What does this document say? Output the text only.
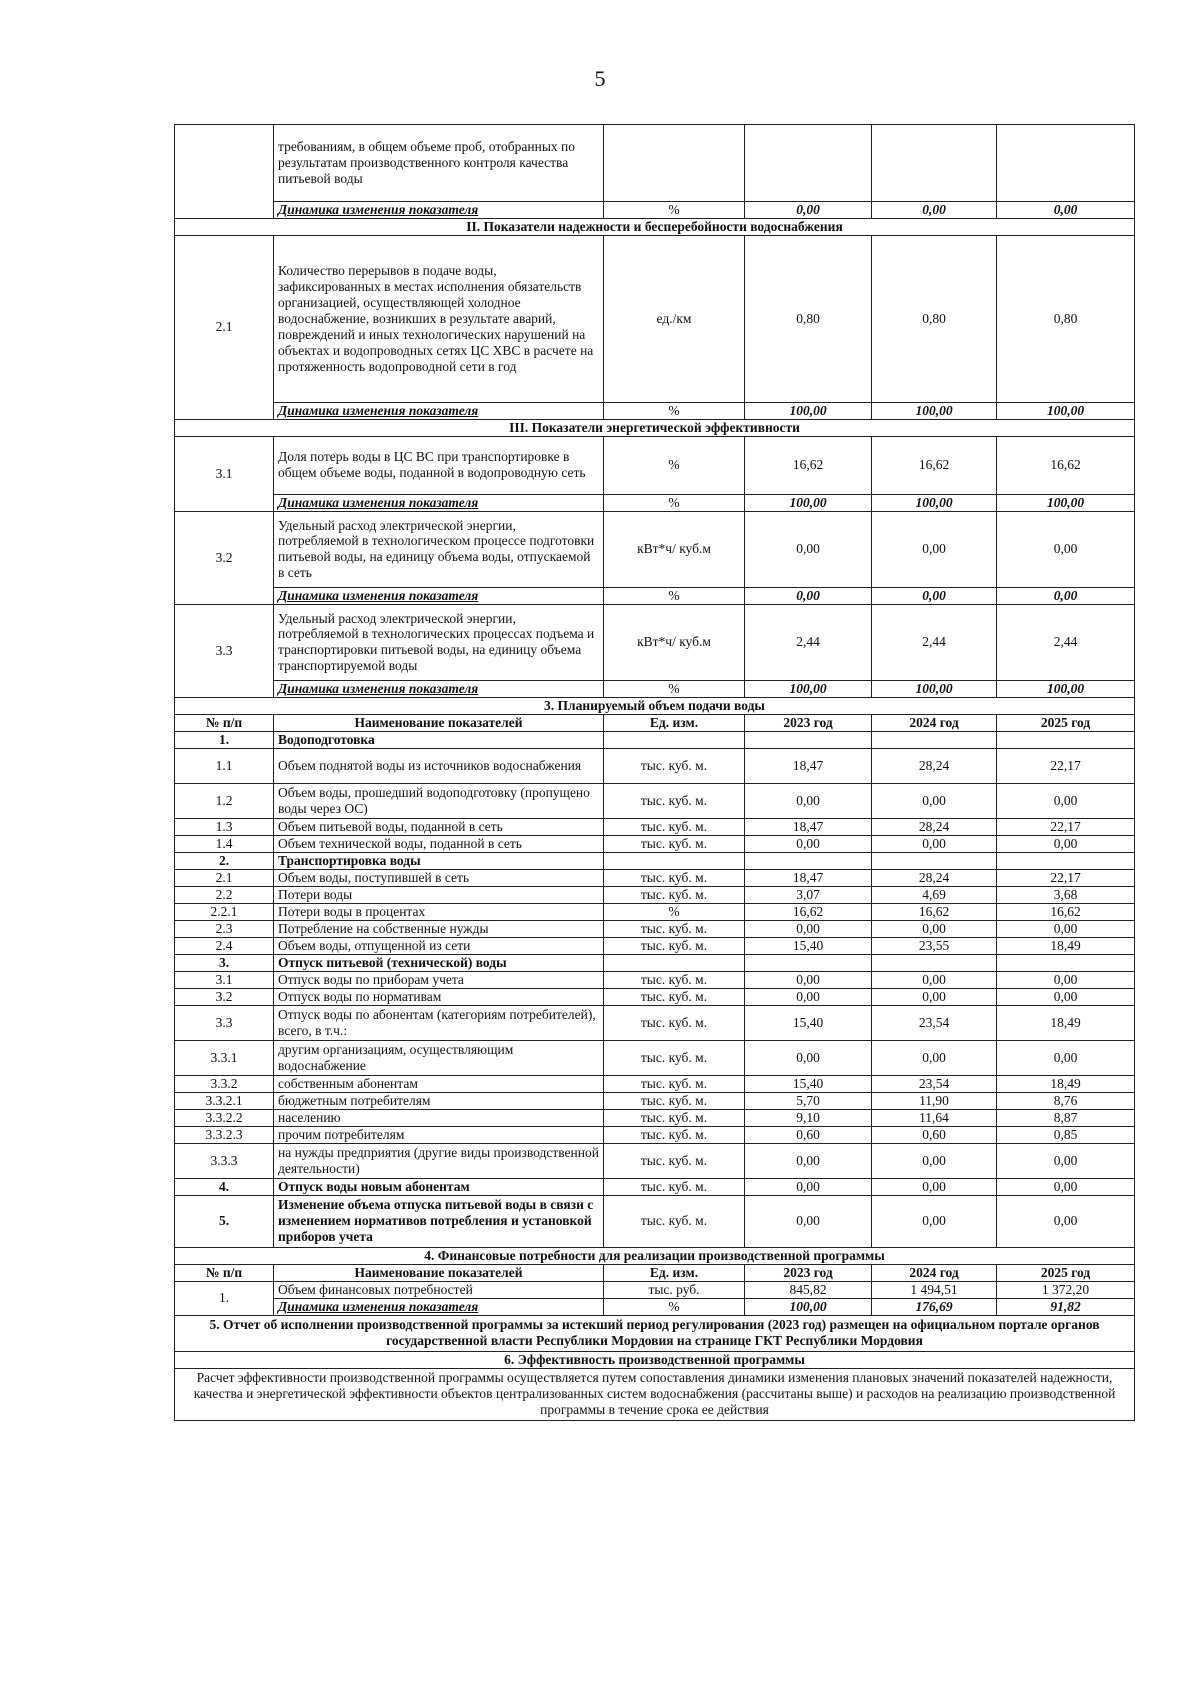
5
	требованиям, в общем объеме проб, отобранных по результатам производственного контроля качества питьевой воды				
	Динамика изменения показателя	%	0,00	0,00	0,00
II. Показатели надежности и бесперебойности водоснабжения					
2.1	Количество перерывов в подаче воды, зафиксированных в местах исполнения обязательств организацией, осуществляющей холодное водоснабжение, возникших в результате аварий, повреждений и иных технологических нарушений на объектах и водопроводных сетях ЦС ХВС в расчете на протяженность водопроводной сети в год	ед./км	0,80	0,80	0,80
	Динамика изменения показателя	%	100,00	100,00	100,00
III. Показатели энергетической эффективности					
3.1	Доля потерь воды в ЦС ВС при транспортировке в общем объеме воды, поданной в водопроводную сеть	%	16,62	16,62	16,62
	Динамика изменения показателя	%	100,00	100,00	100,00
3.2	Удельный расход электрической энергии, потребляемой в технологическом процессе подготовки питьевой воды, на единицу объема воды, отпускаемой в сеть	кВт*ч/ куб.м	0,00	0,00	0,00
	Динамика изменения показателя	%	0,00	0,00	0,00
3.3	Удельный расход электрической энергии, потребляемой в технологических процессах подъема и транспортировки питьевой воды, на единицу объема транспортируемой воды	кВт*ч/ куб.м	2,44	2,44	2,44
	Динамика изменения показателя	%	100,00	100,00	100,00
3. Планируемый объем подачи воды					
№ п/п	Наименование показателей	Ед. изм.	2023 год	2024 год	2025 год
1.	Водоподготовка				
1.1	Объем поднятой воды из источников водоснабжения	тыс. куб. м.	18,47	28,24	22,17
1.2	Объем воды, прошедший водоподготовку (пропущено воды через ОС)	тыс. куб. м.	0,00	0,00	0,00
1.3	Объем питьевой воды, поданной в сеть	тыс. куб. м.	18,47	28,24	22,17
1.4	Объем технической воды, поданной в сеть	тыс. куб. м.	0,00	0,00	0,00
2.	Транспортировка воды				
2.1	Объем воды, поступившей в сеть	тыс. куб. м.	18,47	28,24	22,17
2.2	Потери воды	тыс. куб. м.	3,07	4,69	3,68
2.2.1	Потери воды в процентах	%	16,62	16,62	16,62
2.3	Потребление на собственные нужды	тыс. куб. м.	0,00	0,00	0,00
2.4	Объем воды, отпущенной из сети	тыс. куб. м.	15,40	23,55	18,49
3.	Отпуск питьевой (технической) воды				
3.1	Отпуск воды по приборам учета	тыс. куб. м.	0,00	0,00	0,00
3.2	Отпуск воды по нормативам	тыс. куб. м.	0,00	0,00	0,00
3.3	Отпуск воды по абонентам (категориям потребителей), всего, в т.ч.:	тыс. куб. м.	15,40	23,54	18,49
3.3.1	другим организациям, осуществляющим водоснабжение	тыс. куб. м.	0,00	0,00	0,00
3.3.2	собственным абонентам	тыс. куб. м.	15,40	23,54	18,49
3.3.2.1	бюджетным потребителям	тыс. куб. м.	5,70	11,90	8,76
3.3.2.2	населению	тыс. куб. м.	9,10	11,64	8,87
3.3.2.3	прочим потребителям	тыс. куб. м.	0,60	0,60	0,85
3.3.3	на нужды предприятия (другие виды производственной деятельности)	тыс. куб. м.	0,00	0,00	0,00
4.	Отпуск воды новым абонентам	тыс. куб. м.	0,00	0,00	0,00
5.	Изменение объема отпуска питьевой воды в связи с изменением нормативов потребления и установкой приборов учета	тыс. куб. м.	0,00	0,00	0,00
4. Финансовые потребности для реализации производственной программы					
№ п/п	Наименование показателей	Ед. изм.	2023 год	2024 год	2025 год
1.	Объем финансовых потребностей	тыс. руб.	845,82	1 494,51	1 372,20
	Динамика изменения показателя	%	100,00	176,69	91,82
5. Отчет об исполнении производственной программы за истекший период регулирования (2023 год) размещен на официальном портале органов государственной власти Республики Мордовия на странице ГКТ Республики Мордовия					
6. Эффективность производственной программы					
Расчет эффективности производственной программы осуществляется путем сопоставления динамики изменения плановых значений показателей надежности, качества и энергетической эффективности объектов централизованных систем водоснабжения (рассчитаны выше) и расходов на реализацию производственной программы в течение срока ее действия					
